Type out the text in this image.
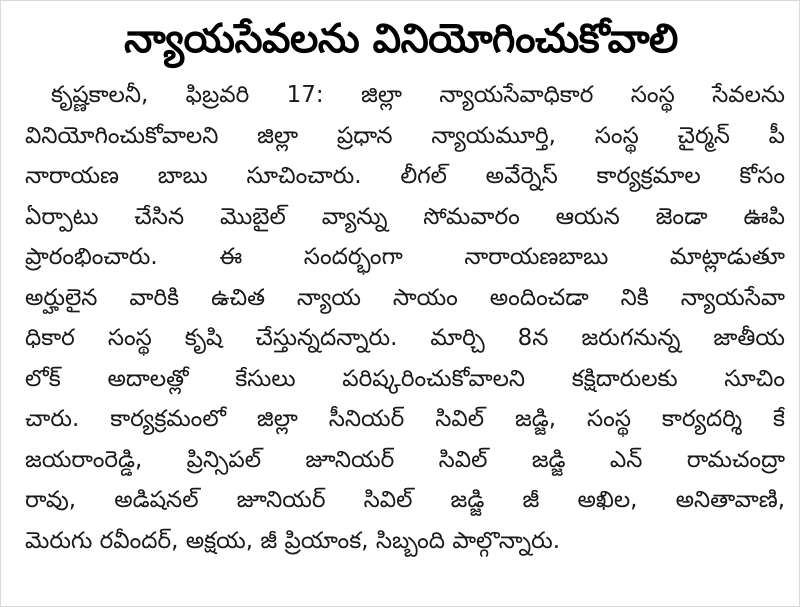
న్యాయసేవలను వినియోగించుకోవాలి
కృష్ణకాలనీ, ఫిబ్రవరి 17: జిల్లా న్యాయసేవాధికార సంస్థ సేవలను
వినియోగించుకోవాలని జిల్లా ప్రధాన న్యాయమూర్తి, సంస్థ చైర్మన్ పీ
నారాయణ బాబు సూచించారు. లీగల్ అవేర్నెస్ కార్యక్రమాల కోసం
ఏర్పాటు చేసిన మొబైల్ వ్యాన్ను సోమవారం ఆయన జెండా ఊపి
ప్రారంభించారు. ఈ సందర్భంగా నారాయణబాబు మాట్లాడుతూ
అర్హులైన వారికి ఉచిత న్యాయ సాయం అందించడా నికి న్యాయసేవా
ధికార సంస్థ కృషి చేస్తున్నదన్నారు. మార్చి 8న జరుగనున్న జాతీయ
లోక్ అదాలత్లో కేసులు పరిష్కరించుకోవాలని కక్షిదారులకు సూచిం
చారు. కార్యక్రమంలో జిల్లా సీనియర్ సివిల్ జడ్జి, సంస్థ కార్యదర్శి కే
జయరాంరెడ్డి, ప్రిన్సిపల్ జూనియర్ సివిల్ జడ్జి ఎన్ రామచంద్రా
రావు, అడిషనల్ జూనియర్ సివిల్ జడ్జి జీ అఖిల, అనితావాణి,
మెరుగు రవీందర్, అక్షయ, జీ ప్రియాంక, సిబ్బంది పాల్గొన్నారు.
